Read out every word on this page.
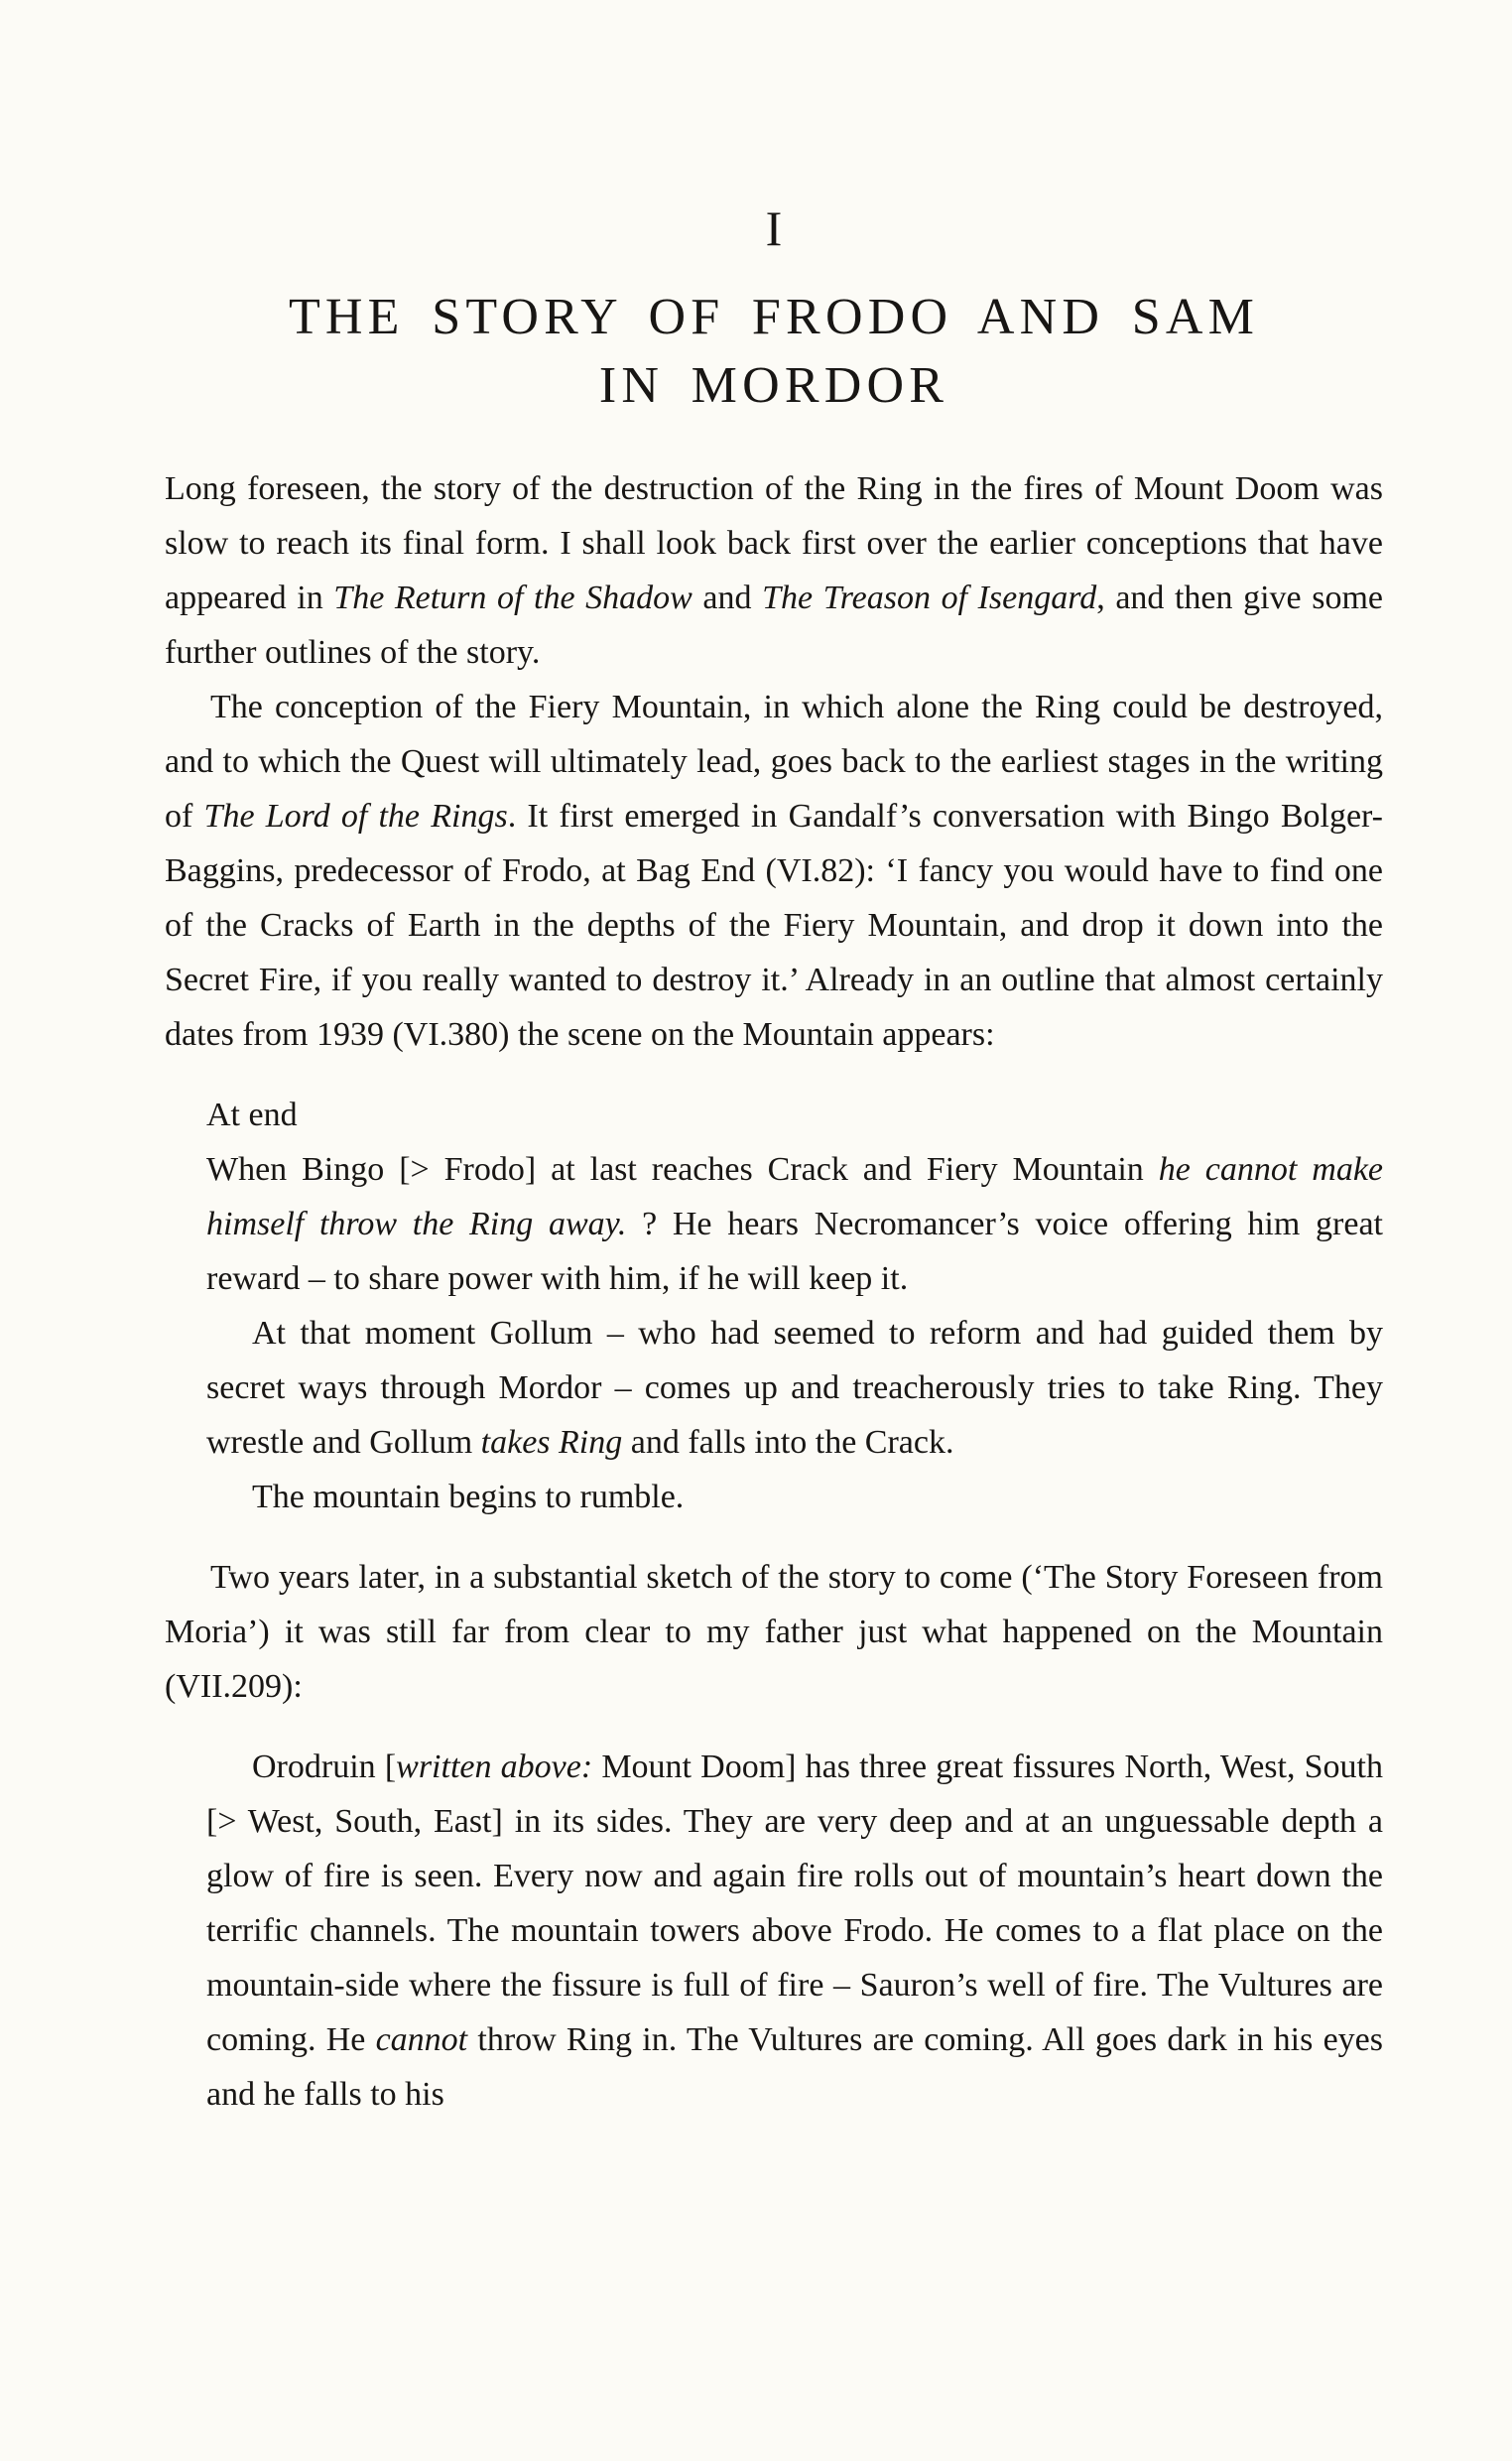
I
THE STORY OF FRODO AND SAM
IN MORDOR

Long foreseen, the story of the destruction of the Ring in the fires of Mount Doom was slow to reach its final form. I shall look back first over the earlier conceptions that have appeared in The Return of the Shadow and The Treason of Isengard, and then give some further outlines of the story.

The conception of the Fiery Mountain, in which alone the Ring could be destroyed, and to which the Quest will ultimately lead, goes back to the earliest stages in the writing of The Lord of the Rings. It first emerged in Gandalf’s conversation with Bingo Bolger-Baggins, predecessor of Frodo, at Bag End (VI.82): ‘I fancy you would have to find one of the Cracks of Earth in the depths of the Fiery Mountain, and drop it down into the Secret Fire, if you really wanted to destroy it.’ Already in an outline that almost certainly dates from 1939 (VI.380) the scene on the Mountain appears:

At end

When Bingo [> Frodo] at last reaches Crack and Fiery Mountain he cannot make himself throw the Ring away. ? He hears Necromancer’s voice offering him great reward – to share power with him, if he will keep it.

At that moment Gollum – who had seemed to reform and had guided them by secret ways through Mordor – comes up and treacherously tries to take Ring. They wrestle and Gollum takes Ring and falls into the Crack.

The mountain begins to rumble.

Two years later, in a substantial sketch of the story to come (‘The Story Foreseen from Moria’) it was still far from clear to my father just what happened on the Mountain (VII.209):

Orodruin [written above: Mount Doom] has three great fissures North, West, South [> West, South, East] in its sides. They are very deep and at an unguessable depth a glow of fire is seen. Every now and again fire rolls out of mountain’s heart down the terrific channels. The mountain towers above Frodo. He comes to a flat place on the mountain-side where the fissure is full of fire – Sauron’s well of fire. The Vultures are coming. He cannot throw Ring in. The Vultures are coming. All goes dark in his eyes and he falls to his
